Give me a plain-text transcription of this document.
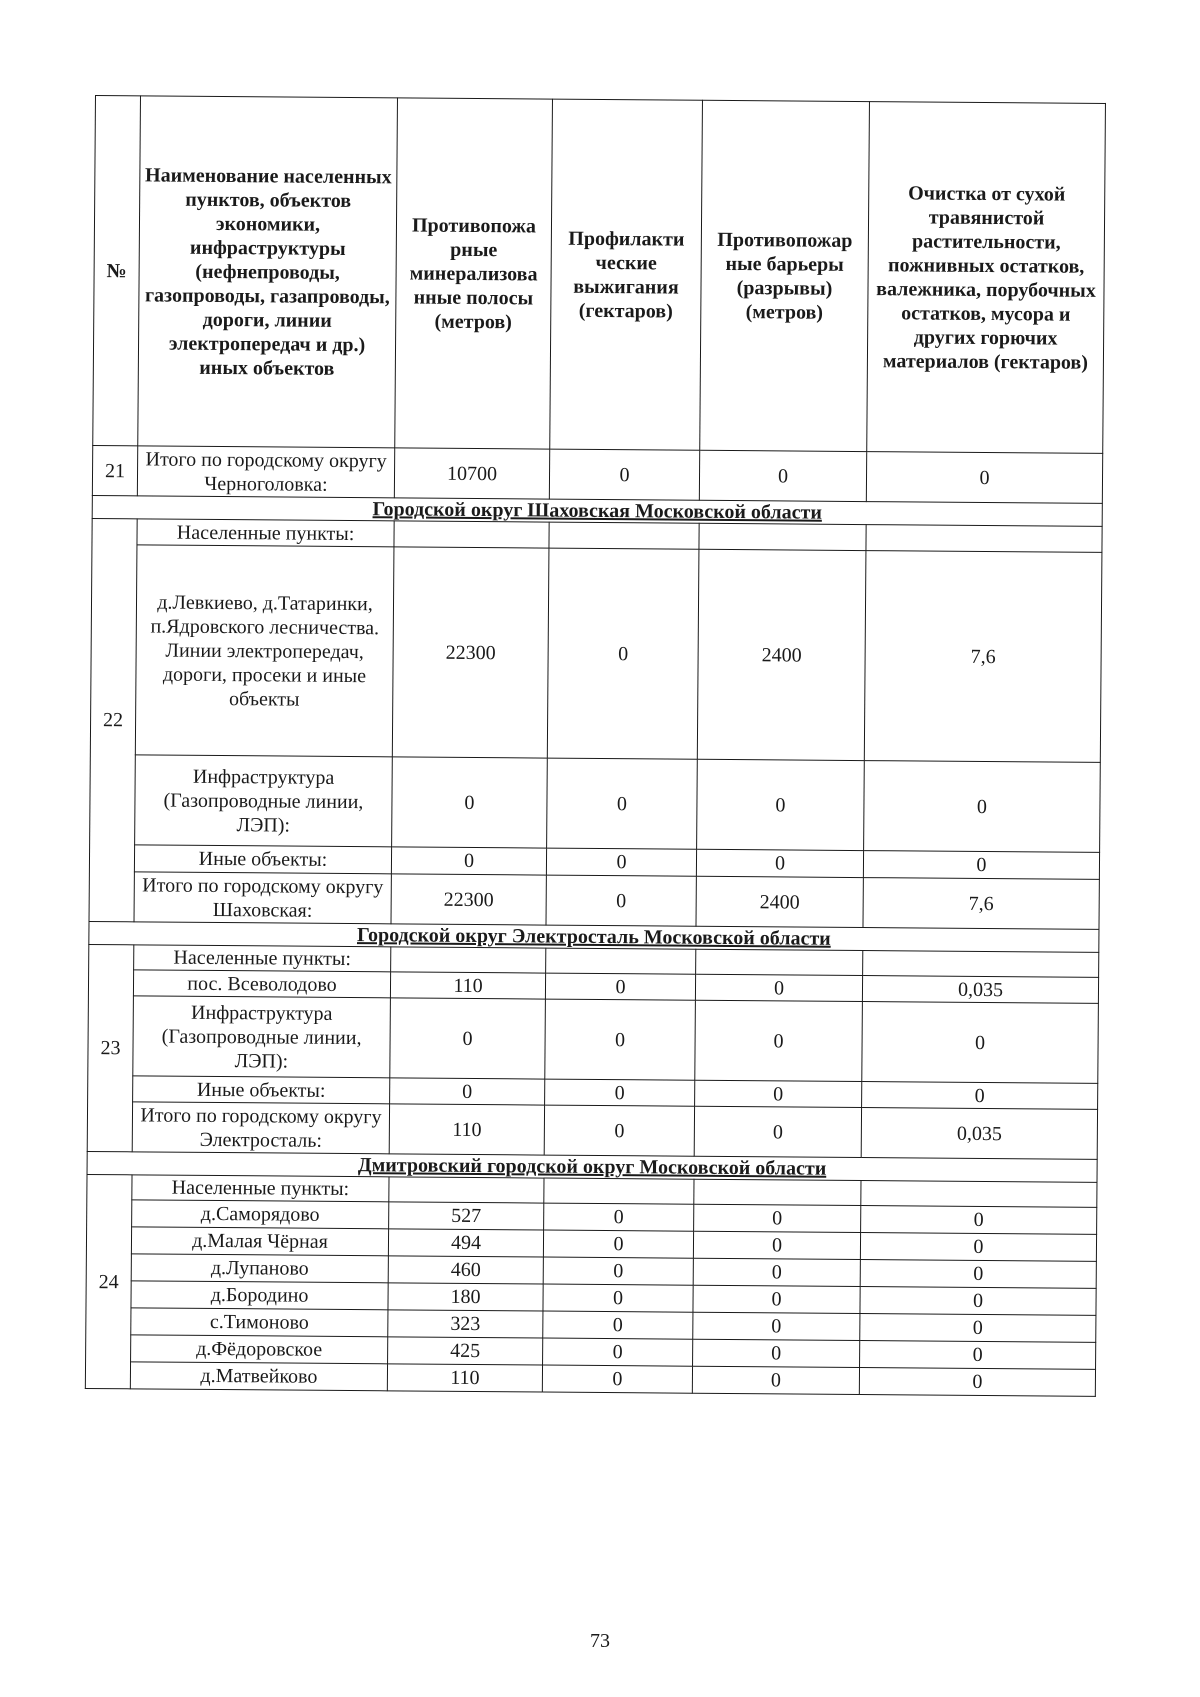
№	Наименование населенных пунктов, объектов экономики, инфраструктуры (нефнепроводы, газопроводы, газапроводы, дороги, линии электропередач и др.) иных объектов	Противопожа рные минерализова нные полосы (метров)	Профилакти ческие выжигания (гектаров)	Противопожар ные барьеры (разрывы) (метров)	Очистка от сухой травянистой растительности, пожнивных остатков, валежника, порубочных остатков, мусора и других горючих материалов (гектаров)
21	Итого по городскому округу Черноголовка:	10700	0	0	0
Городской округ Шаховская Московской области					
22	Населенные пункты:				
	д.Левкиево, д.Татаринки, п.Ядровского лесничества. Линии электропередач, дороги, просеки и иные объекты	22300	0	2400	7,6
	Инфраструктура (Газопроводные линии, ЛЭП):	0	0	0	0
	Иные объекты:	0	0	0	0
	Итого по городскому округу Шаховская:	22300	0	2400	7,6
Городской округ Электросталь Московской области					
23	Населенные пункты:				
	пос. Всеволодово	110	0	0	0,035
	Инфраструктура (Газопроводные линии, ЛЭП):	0	0	0	0
	Иные объекты:	0	0	0	0
	Итого по городскому округу Электросталь:	110	0	0	0,035
Дмитровский городской округ Московской области					
24	Населенные пункты:				
	д.Саморядово	527	0	0	0
	д.Малая Чёрная	494	0	0	0
	д.Лупаново	460	0	0	0
	д.Бородино	180	0	0	0
	с.Тимоново	323	0	0	0
	д.Фёдоровское	425	0	0	0
	д.Матвейково	110	0	0	0
73
